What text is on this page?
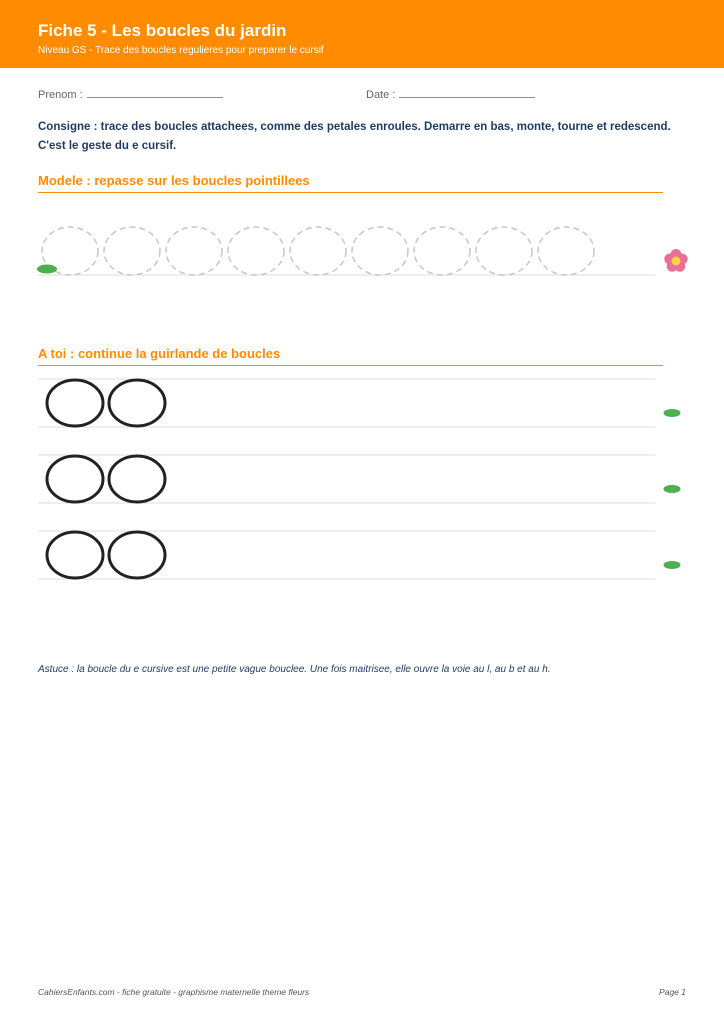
Fiche 5 - Les boucles du jardin
Niveau GS - Trace des boucles regulieres pour preparer le cursif
Prenom :	Date :

Consigne : trace des boucles attachees, comme des petales enroules. Demarre en bas, monte, tourne et redescend. C'est le geste du e cursif.

Modele : repasse sur les boucles pointillees
A toi : continue la guirlande de boucles

Astuce : la boucle du e cursive est une petite vague bouclee. Une fois maitrisee, elle ouvre la voie au l, au b et au h.

CahiersEnfants.com - fiche gratuite - graphisme maternelle theme fleurs	Page 1
